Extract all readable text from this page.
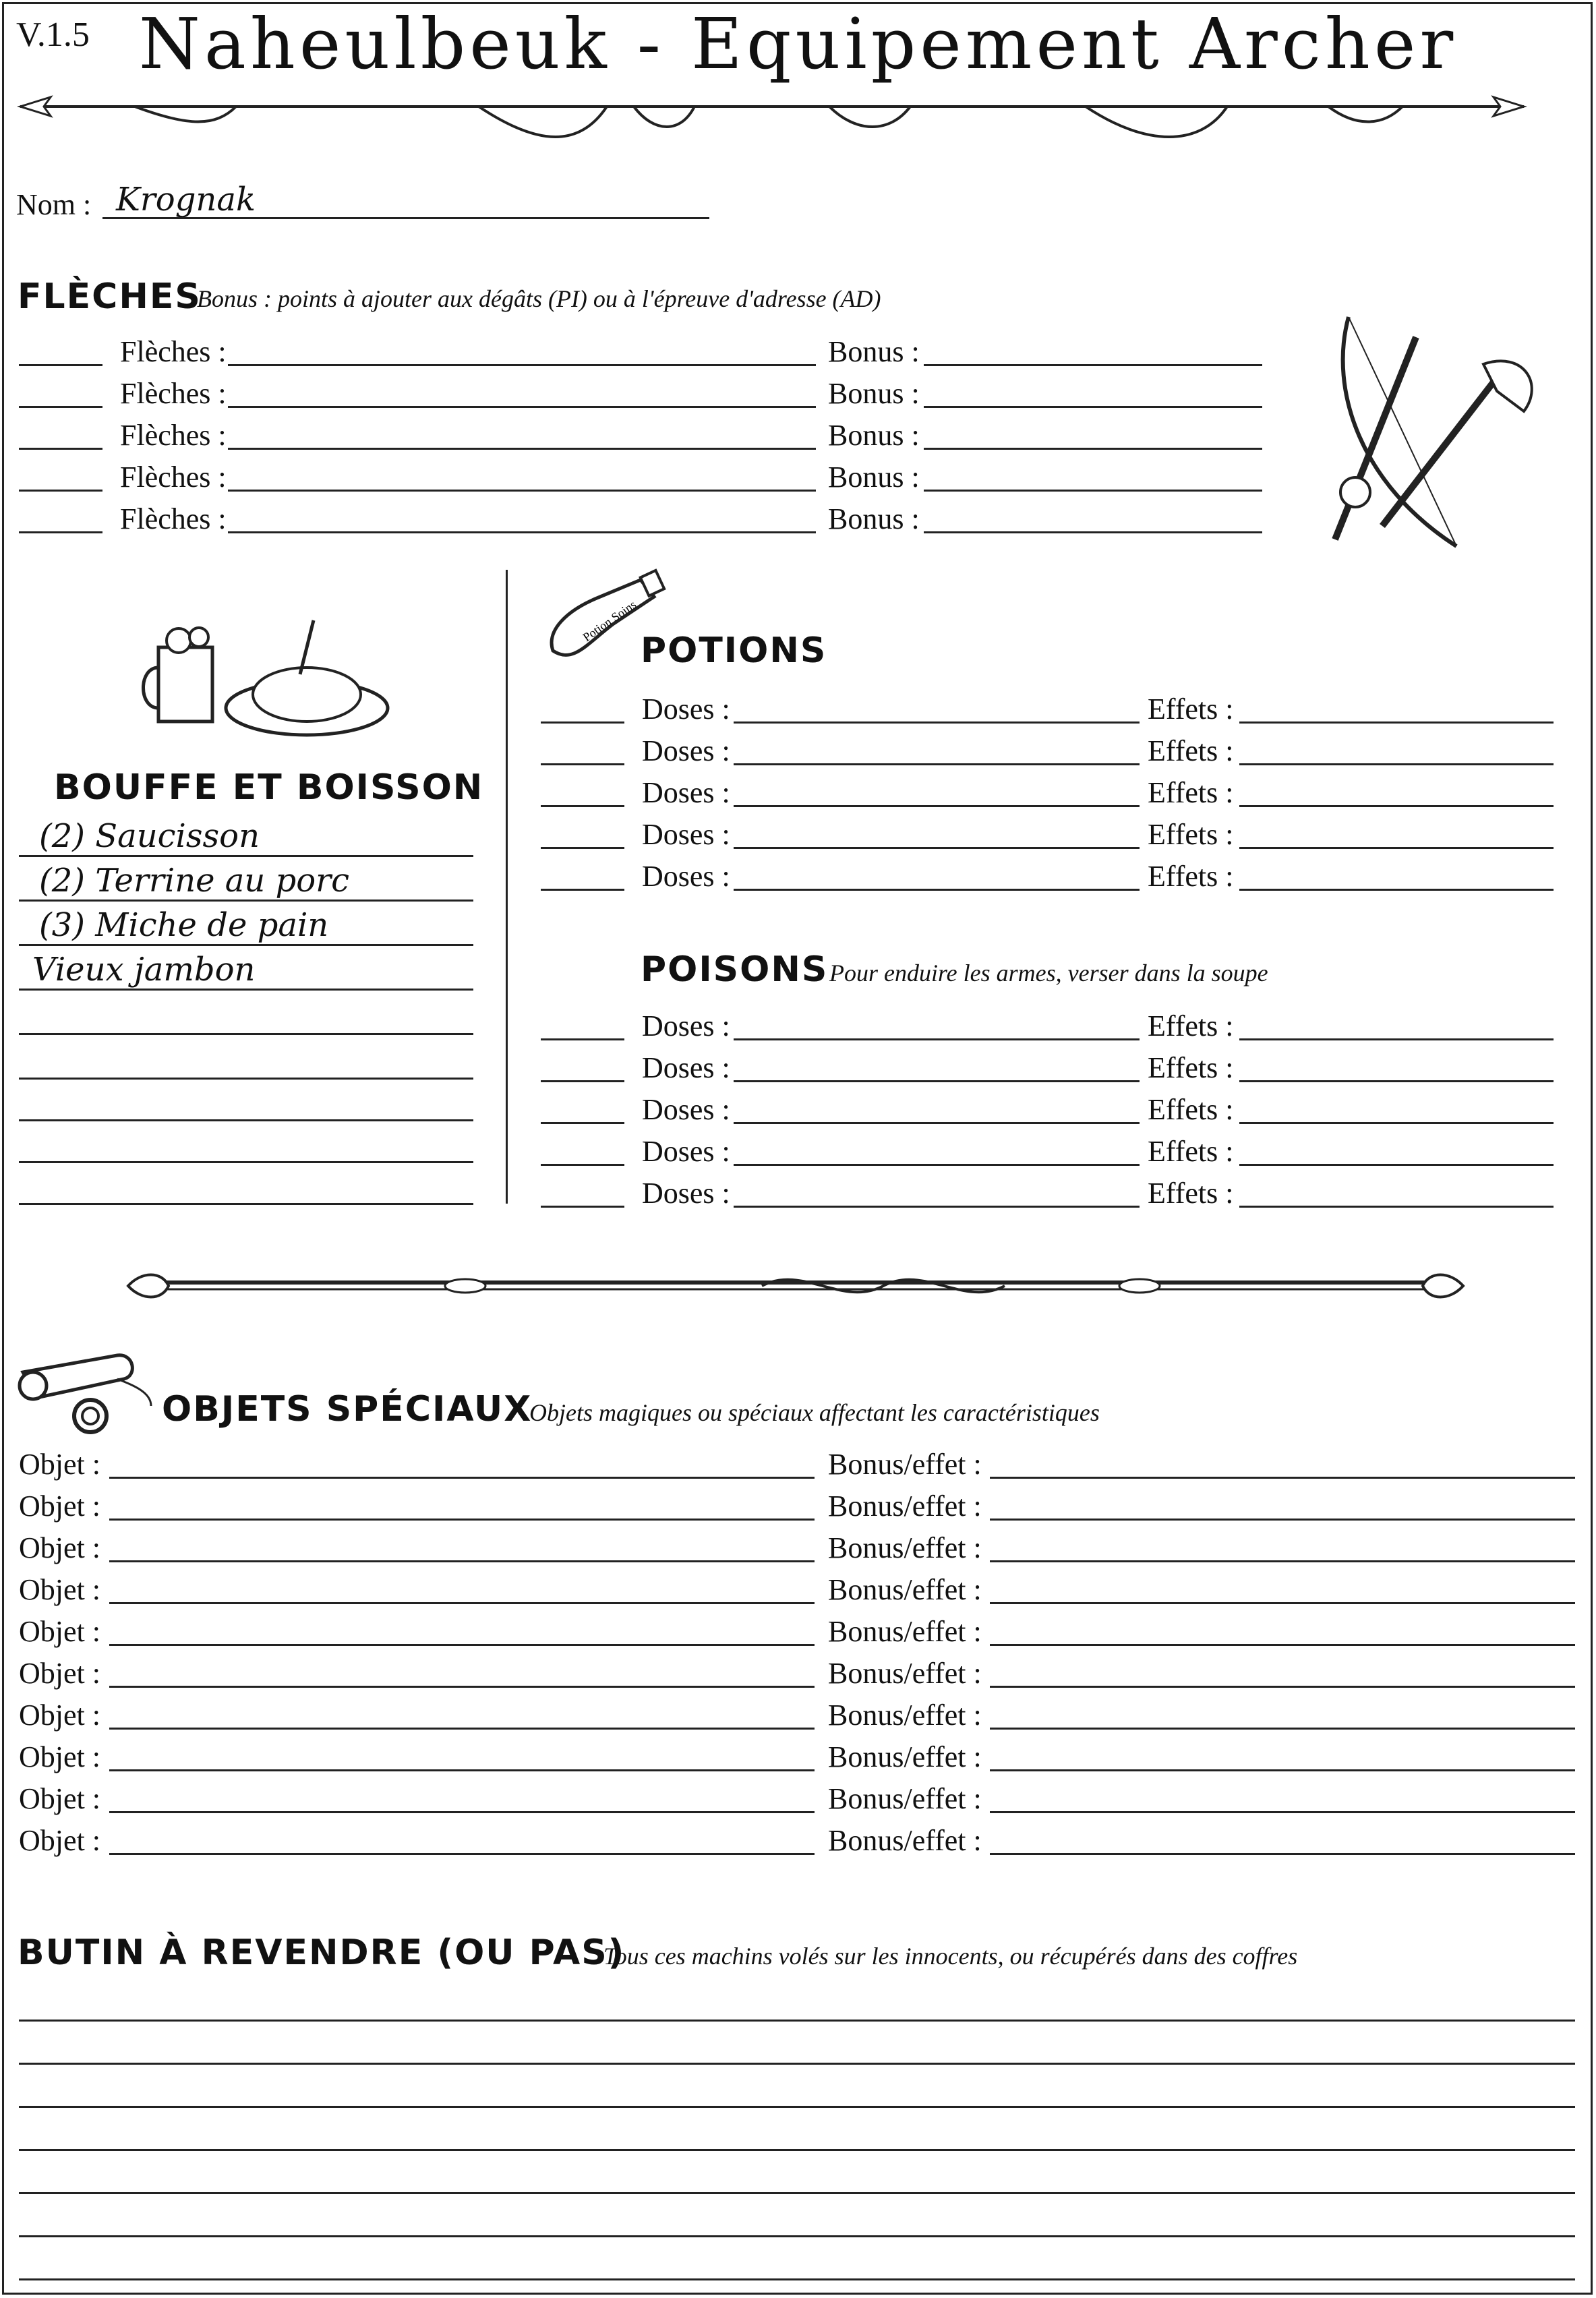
V.1.5 Naheulbeuk - Equipement Archer
Nom : Krognak
FLÈCHES
Bonus : points à ajouter aux dégâts (PI) ou à l'épreuve d'adresse (AD)
Flèches :	Bonus :
Flèches :	Bonus :
Flèches :	Bonus :
Flèches :	Bonus :
Flèches :	Bonus :
BOUFFE ET BOISSON
(2) Saucisson
(2) Terrine au porc
(3) Miche de pain
Vieux jambon
Potion Soins
POTIONS
Doses :	Effets :
Doses :	Effets :
Doses :	Effets :
Doses :	Effets :
Doses :	Effets :
POISONS Pour enduire les armes, verser dans la soupe
Doses :	Effets :
Doses :	Effets :
Doses :	Effets :
Doses :	Effets :
Doses :	Effets :
OBJETS SPÉCIAUX
Objets magiques ou spéciaux affectant les caractéristiques
Objet :	Bonus/effet :
Objet :	Bonus/effet :
Objet :	Bonus/effet :
Objet :	Bonus/effet :
Objet :	Bonus/effet :
Objet :	Bonus/effet :
Objet :	Bonus/effet :
Objet :	Bonus/effet :
Objet :	Bonus/effet :
Objet :	Bonus/effet :
BUTIN À REVENDRE (OU PAS)
Tous ces machins volés sur les innocents, ou récupérés dans des coffres
